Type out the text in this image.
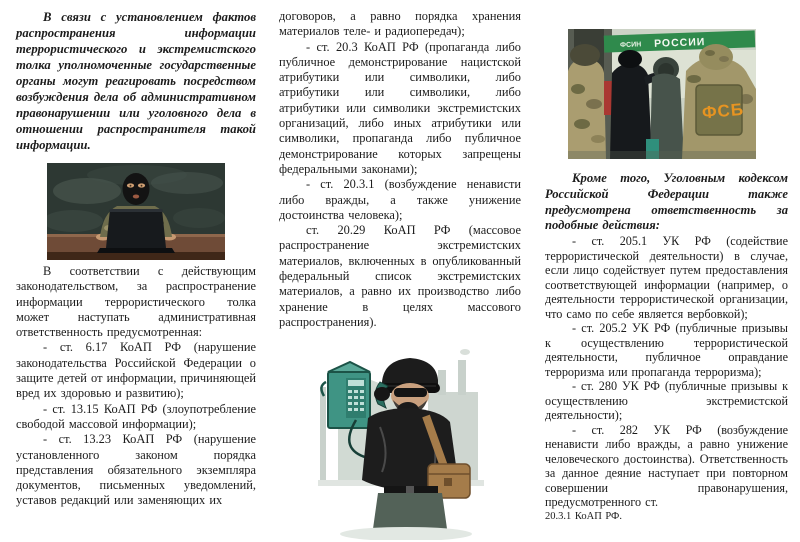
В связи с установлением фактов распространения информации террористического и экстремистского толка уполномоченные государственные органы могут реагировать посредством возбуждения дела об административном правонарушении или уголовного дела в отношении распространителя такой информации.

В соответствии с действующим законодательством, за распространение информации террористического толка может наступать административная ответственность предусмотренная:

- ст. 6.17 КоАП РФ (нарушение законодательства Российской Федерации о защите детей от информации, причиняющей вред их здоровью и развитию);

- ст. 13.15 КоАП РФ (злоупотребление свободой массовой информации);

- ст. 13.23 КоАП РФ (нарушение установленного законом порядка представления обязательного экземпляра документов, письменных уведомлений, уставов редакций или заменяющих их

договоров, а равно порядка хранения материалов теле- и радиопередач);

- ст. 20.3 КоАП РФ (пропаганда либо публичное демонстрирование нацистской атрибутики или символики, либо атрибутики или символики, либо атрибутики или символики экстремистских организаций, либо иных атрибутики или символики, пропаганда либо публичное демонстрирование которых запрещены федеральными законами);

- ст. 20.3.1 (возбуждение ненависти либо вражды, а также унижение достоинства человека);

ст. 20.29 КоАП РФ (массовое распространение экстремистских материалов, включенных в опубликованный федеральный список экстремистских материалов, а равно их производство либо хранение в целях массового распространения).

ФСИН РОССИИ
ФСБ

Кроме того, Уголовным кодексом Российской Федерации также предусмотрена ответственность за подобные действия:

- ст. 205.1 УК РФ (содействие террористической деятельности) в случае, если лицо содействует путем предоставления соответствующей информации (например, о деятельности террористической организации, что само по себе является вербовкой);

- ст. 205.2 УК РФ (публичные призывы к осуществлению террористической деятельности, публичное оправдание терроризма или пропаганда терроризма);

- ст. 280 УК РФ (публичные призывы к осуществлению экстремистской деятельности);

- ст. 282 УК РФ (возбуждение ненависти либо вражды, а равно унижение человеческого достоинства). Ответственность за данное деяние наступает при повторном совершении правонарушения, предусмотренного ст.

20.3.1 КоАП РФ.
